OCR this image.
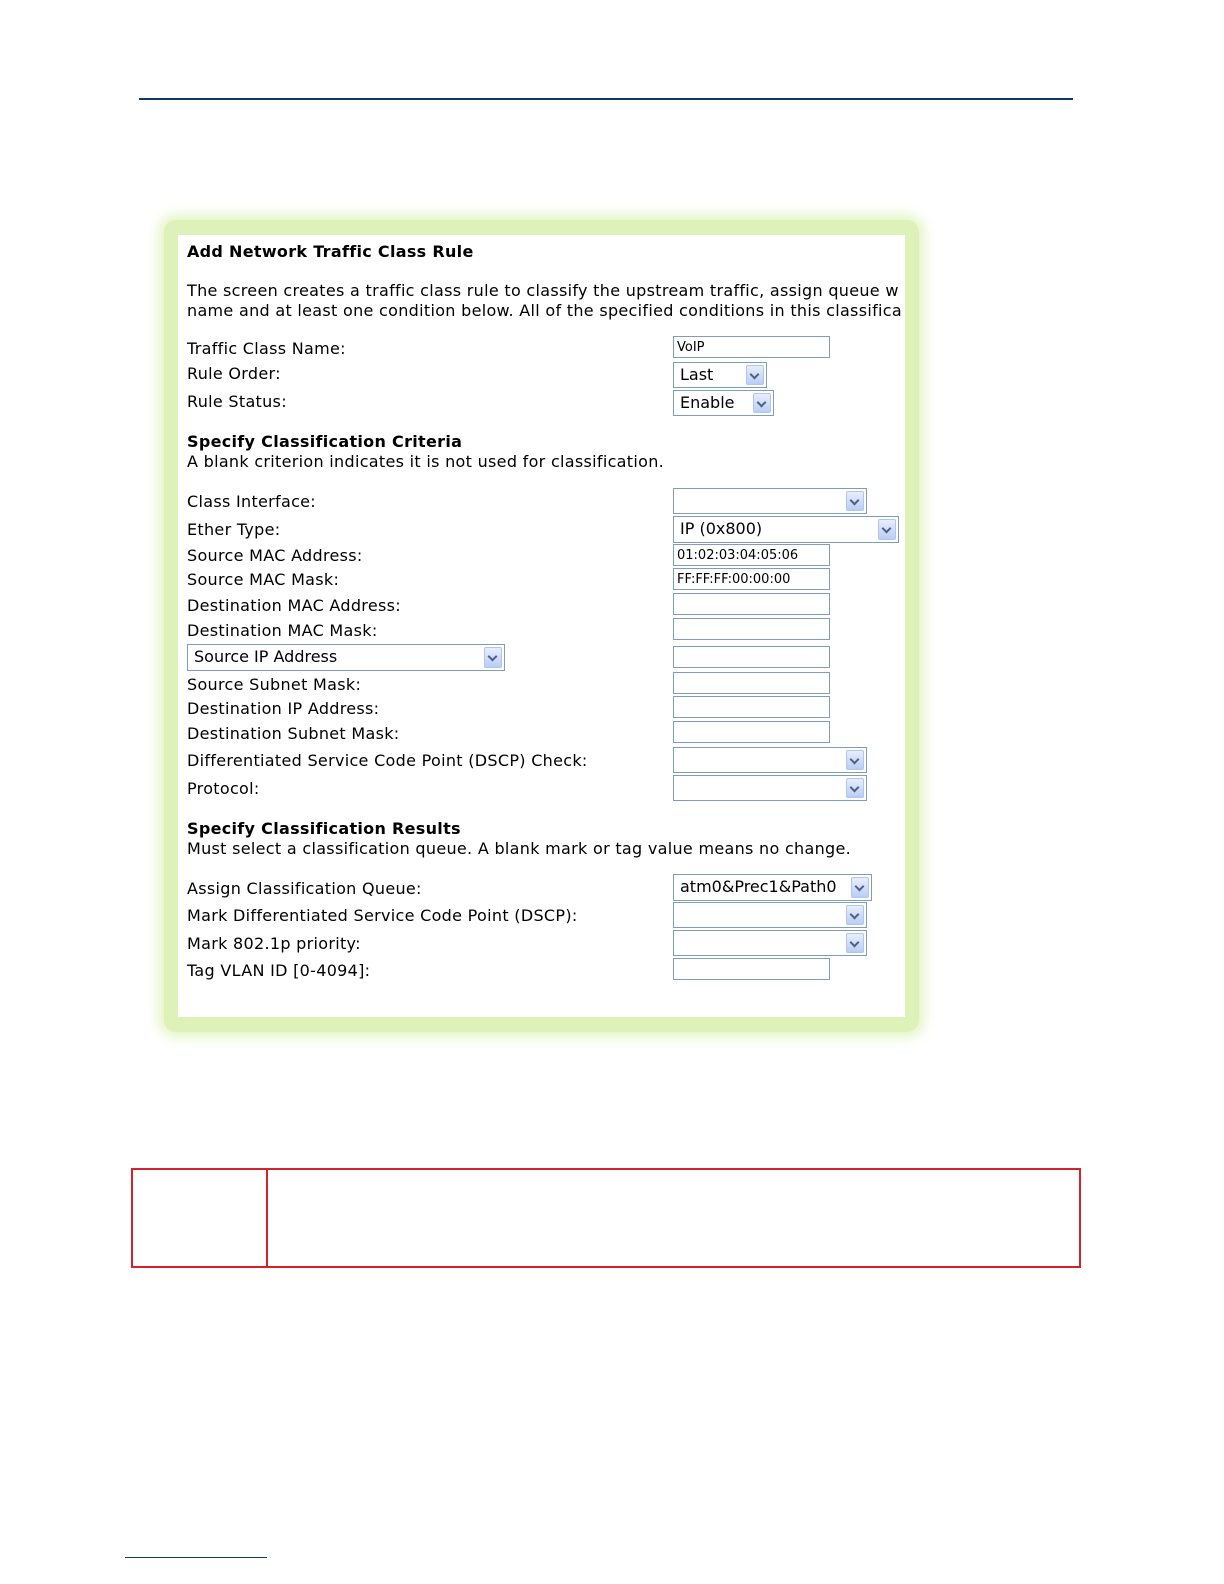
Add Network Traffic Class Rule
The screen creates a traffic class rule to classify the upstream traffic, assign queue w
name and at least one condition below. All of the specified conditions in this classifica
Traffic Class Name:
VoIP
Rule Order:	Last
Rule Status:	Enable
Specify Classification Criteria
A blank criterion indicates it is not used for classification.
Class Interface:
Ether Type:	IP (0x800)
Source MAC Address:
01:02:03:04:05:06
Source MAC Mask:
FF:FF:FF:00:00:00
Destination MAC Address:
Destination MAC Mask:
Source IP Address
Source Subnet Mask:
Destination IP Address:
Destination Subnet Mask:
Differentiated Service Code Point (DSCP) Check:
Protocol:
Specify Classification Results
Must select a classification queue. A blank mark or tag value means no change.
Assign Classification Queue:	atm0&Prec1&Path0
Mark Differentiated Service Code Point (DSCP):
Mark 802.1p priority:
Tag VLAN ID [0-4094]:
